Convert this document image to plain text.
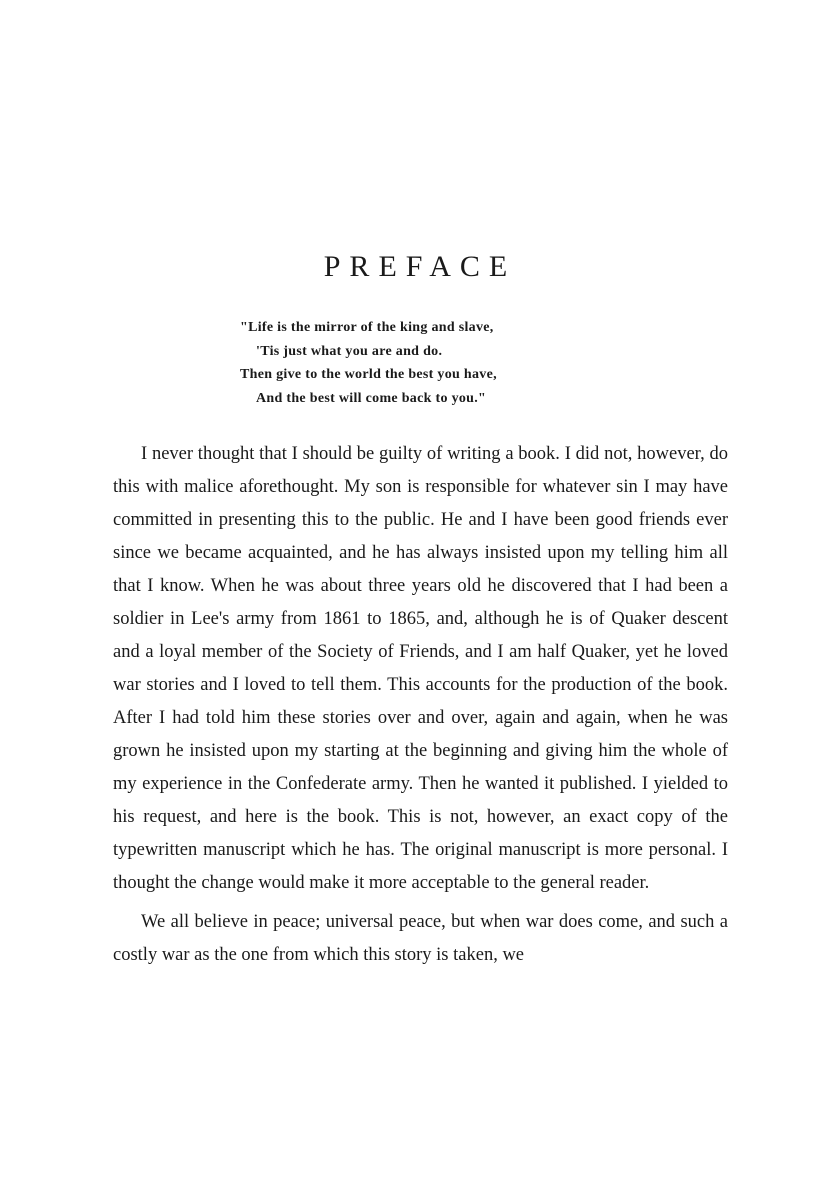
PREFACE
"Life is the mirror of the king and slave,
'Tis just what you are and do.
Then give to the world the best you have,
And the best will come back to you."

I never thought that I should be guilty of writing a book. I did not, however, do this with malice aforethought. My son is responsible for whatever sin I may have committed in presenting this to the public. He and I have been good friends ever since we became acquainted, and he has always insisted upon my telling him all that I know. When he was about three years old he discovered that I had been a soldier in Lee's army from 1861 to 1865, and, although he is of Quaker descent and a loyal member of the Society of Friends, and I am half Quaker, yet he loved war stories and I loved to tell them. This accounts for the production of the book. After I had told him these stories over and over, again and again, when he was grown he insisted upon my starting at the beginning and giving him the whole of my experience in the Confederate army. Then he wanted it published. I yielded to his request, and here is the book. This is not, however, an exact copy of the typewritten manuscript which he has. The original manuscript is more personal. I thought the change would make it more acceptable to the general reader.

We all believe in peace; universal peace, but when war does come, and such a costly war as the one from which this story is taken, we
